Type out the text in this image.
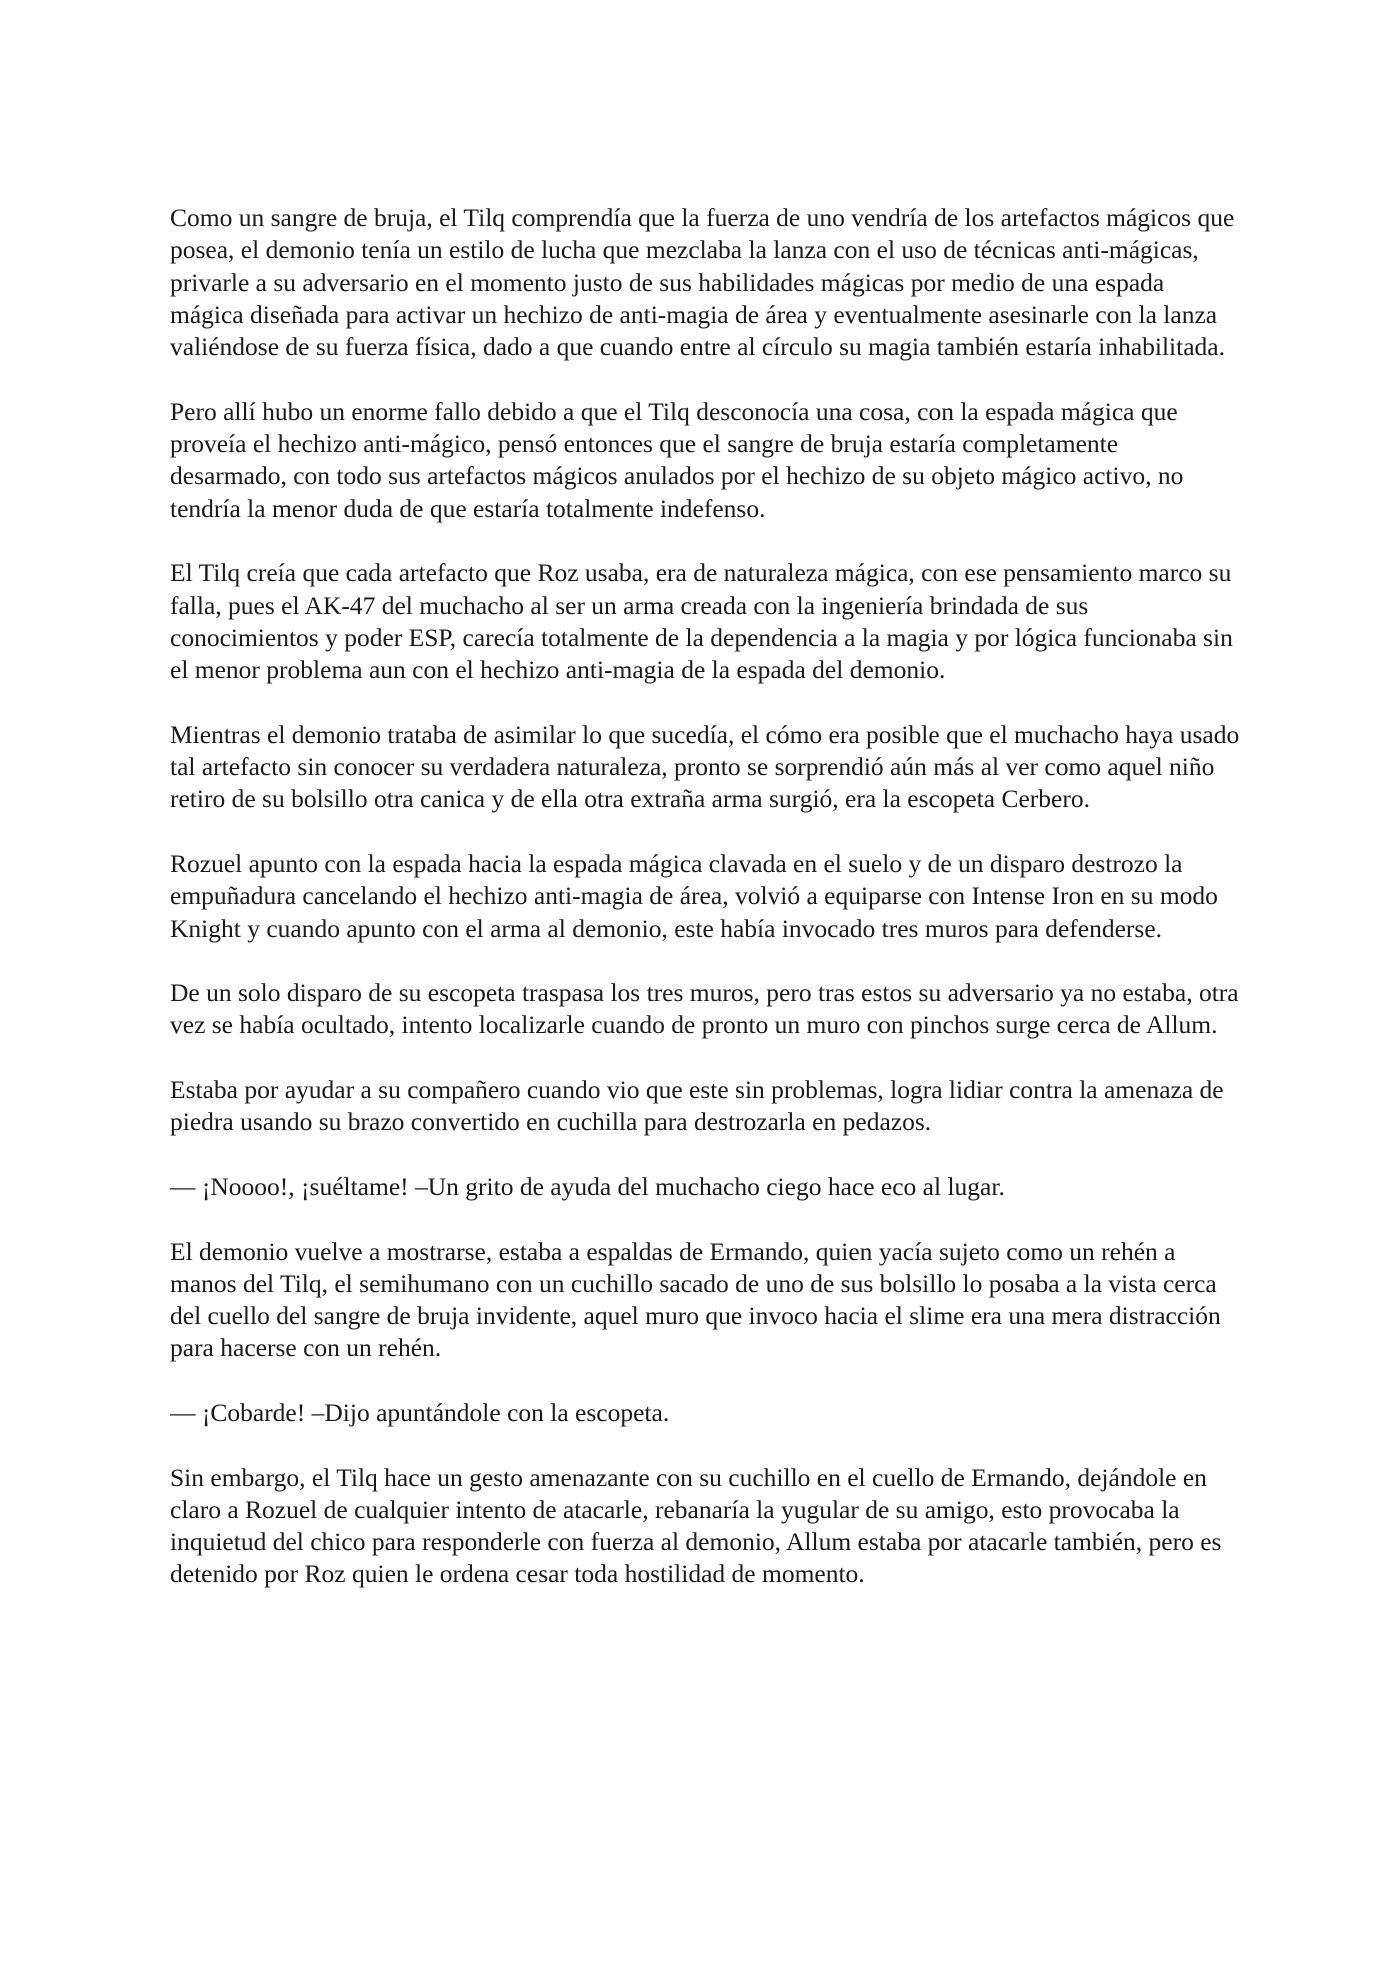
Como un sangre de bruja, el Tilq comprendía que la fuerza de uno vendría de los artefactos mágicos que posea, el demonio tenía un estilo de lucha que mezclaba la lanza con el uso de técnicas anti-mágicas, privarle a su adversario en el momento justo de sus habilidades mágicas por medio de una espada mágica diseñada para activar un hechizo de anti-magia de área y eventualmente asesinarle con la lanza valiéndose de su fuerza física, dado a que cuando entre al círculo su magia también estaría inhabilitada.

Pero allí hubo un enorme fallo debido a que el Tilq desconocía una cosa, con la espada mágica que proveía el hechizo anti-mágico, pensó entonces que el sangre de bruja estaría completamente desarmado, con todo sus artefactos mágicos anulados por el hechizo de su objeto mágico activo, no tendría la menor duda de que estaría totalmente indefenso.

El Tilq creía que cada artefacto que Roz usaba, era de naturaleza mágica, con ese pensamiento marco su falla, pues el AK-47 del muchacho al ser un arma creada con la ingeniería brindada de sus conocimientos y poder ESP, carecía totalmente de la dependencia a la magia y por lógica funcionaba sin el menor problema aun con el hechizo anti-magia de la espada del demonio.

Mientras el demonio trataba de asimilar lo que sucedía, el cómo era posible que el muchacho haya usado tal artefacto sin conocer su verdadera naturaleza, pronto se sorprendió aún más al ver como aquel niño retiro de su bolsillo otra canica y de ella otra extraña arma surgió, era la escopeta Cerbero.

Rozuel apunto con la espada hacia la espada mágica clavada en el suelo y de un disparo destrozo la empuñadura cancelando el hechizo anti-magia de área, volvió a equiparse con Intense Iron en su modo Knight y cuando apunto con el arma al demonio, este había invocado tres muros para defenderse.

De un solo disparo de su escopeta traspasa los tres muros, pero tras estos su adversario ya no estaba, otra vez se había ocultado, intento localizarle cuando de pronto un muro con pinchos surge cerca de Allum.

Estaba por ayudar a su compañero cuando vio que este sin problemas, logra lidiar contra la amenaza de piedra usando su brazo convertido en cuchilla para destrozarla en pedazos.

— ¡Noooo!, ¡suéltame! –Un grito de ayuda del muchacho ciego hace eco al lugar.

El demonio vuelve a mostrarse, estaba a espaldas de Ermando, quien yacía sujeto como un rehén a manos del Tilq, el semihumano con un cuchillo sacado de uno de sus bolsillo lo posaba a la vista cerca del cuello del sangre de bruja invidente, aquel muro que invoco hacia el slime era una mera distracción para hacerse con un rehén.

— ¡Cobarde! –Dijo apuntándole con la escopeta.

Sin embargo, el Tilq hace un gesto amenazante con su cuchillo en el cuello de Ermando, dejándole en claro a Rozuel de cualquier intento de atacarle, rebanaría la yugular de su amigo, esto provocaba la inquietud del chico para responderle con fuerza al demonio, Allum estaba por atacarle también, pero es detenido por Roz quien le ordena cesar toda hostilidad de momento.
